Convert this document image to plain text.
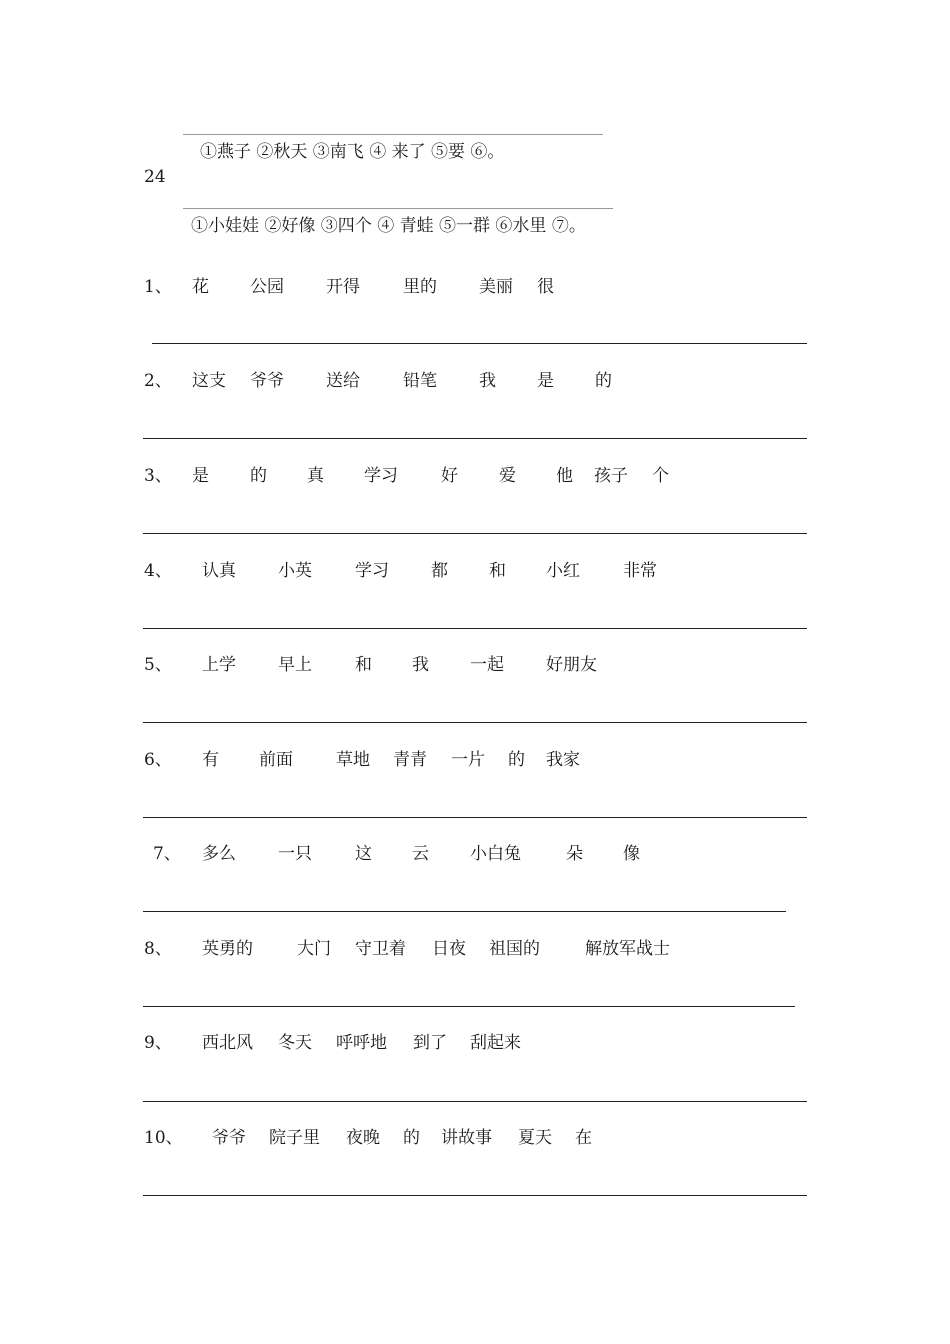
①燕子 ②秋天 ③南飞 ④ 来了 ⑤要 ⑥。
24
①小娃娃 ②好像 ③四个 ④ 青蛙 ⑤一群 ⑥水里 ⑦。
1、 花 公园 开得	里的 美丽 很
2、 这支 爷爷 送给	铅笔 我 是 的
3、 是 的 真 学习	好 爱 他 孩子 个
4、 认真 小英	学习 都 和 小红	非常
5、 上学 早上	和 我 一起 好朋友
6、 有 前面	草地 青青 一片 的 我家
7、 多么 一只	这 云 小白兔	朵 像
8、 英勇的	大门 守卫着 日夜 祖国的	解放军战士
9、 西北风 冬天 呼呼地 到了 刮起来
10、 爷爷 院子里 夜晚 的 讲故事 夏天 在
